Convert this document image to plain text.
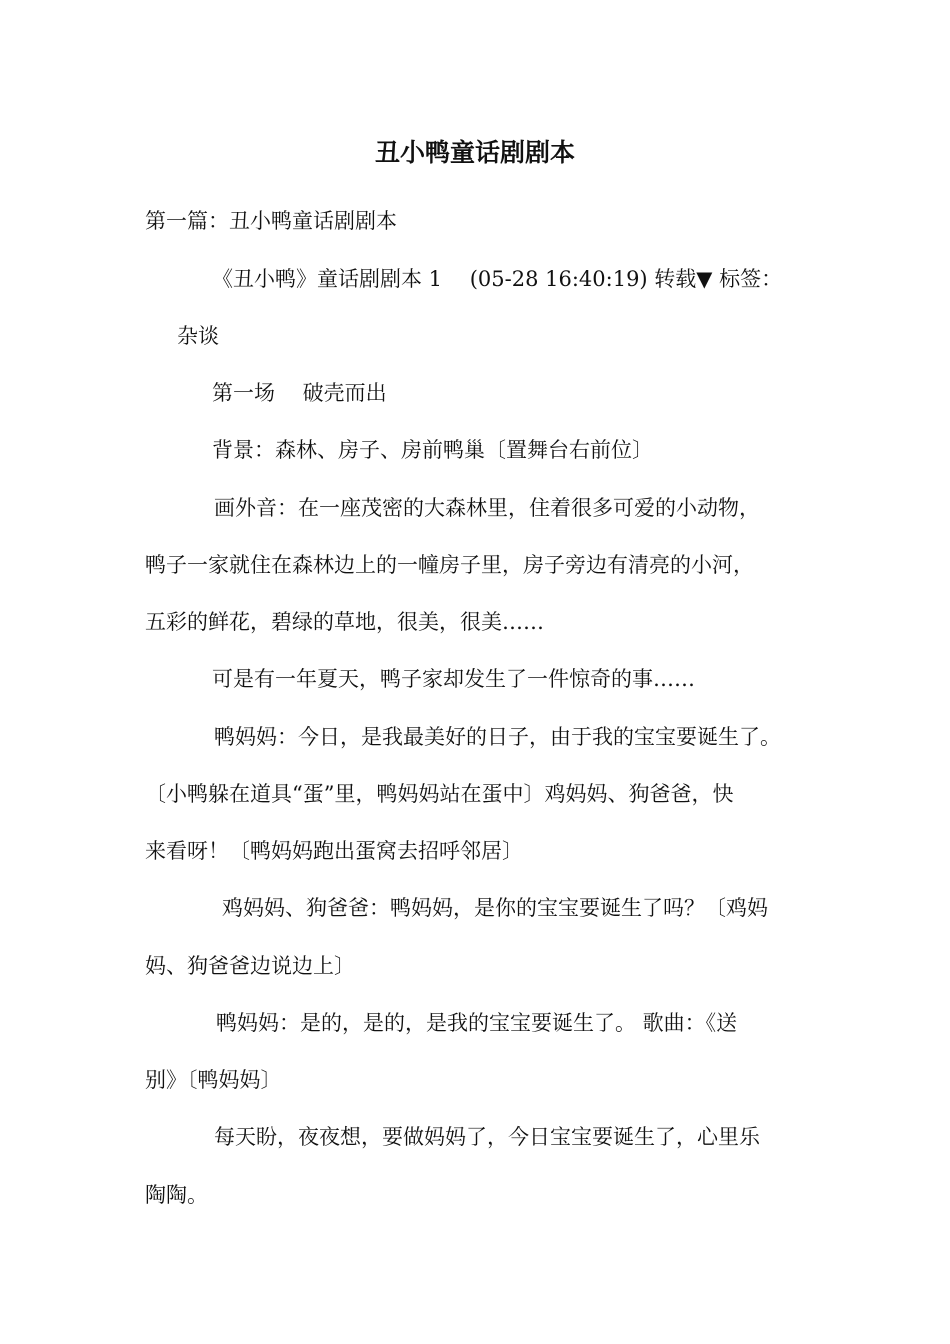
丑小鸭童话剧剧本
第一篇：丑小鸭童话剧剧本
《丑小鸭》童话剧剧本 1　 (05-28 16:40:19) 转载▼ 标签：
杂谈
第一场　 破壳而出
背景：森林、房子、房前鸭巢〔置舞台右前位〕
画外音：在一座茂密的大森林里，住着很多可爱的小动物，
鸭子一家就住在森林边上的一幢房子里，房子旁边有清亮的小河，
五彩的鲜花，碧绿的草地，很美，很美……
可是有一年夏天，鸭子家却发生了一件惊奇的事……
鸭妈妈：今日，是我最美好的日子，由于我的宝宝要诞生了。
〔小鸭躲在道具“蛋”里，鸭妈妈站在蛋中〕鸡妈妈、狗爸爸，快
来看呀！〔鸭妈妈跑出蛋窝去招呼邻居〕
鸡妈妈、狗爸爸：鸭妈妈，是你的宝宝要诞生了吗？〔鸡妈
妈、狗爸爸边说边上〕
鸭妈妈：是的，是的，是我的宝宝要诞生了。 歌曲：《送
别》〔鸭妈妈〕
每天盼，夜夜想，要做妈妈了，今日宝宝要诞生了，心里乐
陶陶。
